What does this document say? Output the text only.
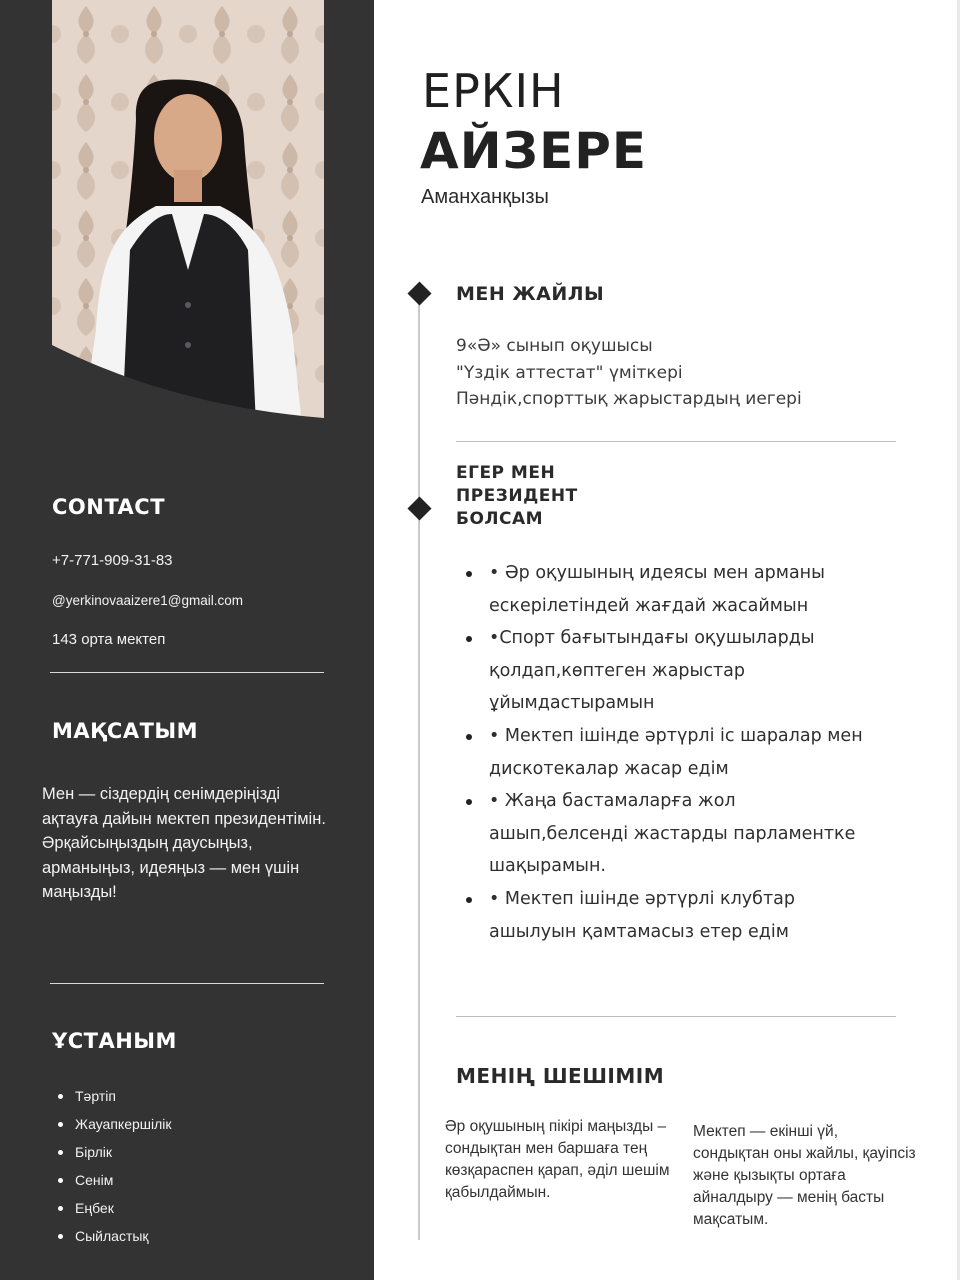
CONTACT
+7-771-909-31-83
@yerkinovaaizere1@gmail.com
143 орта мектеп
МАҚСАТЫМ
Мен — сіздердің сенімдеріңізді ақтауға дайын мектеп президентімін. Әрқайсыңыздың даусыңыз, арманыңыз, идеяңыз — мен үшін маңызды!
ҰСТАНЫМ
Тәртіп
Жауапкершілік
Бірлік
Сенім
Еңбек
Сыйластық
ЕРКІН
АЙЗЕРЕ
Аманханқызы
МЕН ЖАЙЛЫ
9«Ә» сынып оқушысы
"Үздік аттестат" үміткері
Пәндік,спорттық жарыстардың иегері
ЕГЕР МЕН
ПРЕЗИДЕНТ
БОЛСАМ
• Әр оқушының идеясы мен арманы ескерілетіндей жағдай жасаймын
•Спорт бағытындағы оқушыларды қолдап,көптеген жарыстар ұйымдастырамын
• Мектеп ішінде әртүрлі іс шаралар мен дискотекалар жасар едім
• Жаңа бастамаларға жол ашып,белсенді жастарды парламентке шақырамын.
• Мектеп ішінде әртүрлі клубтар ашылуын қамтамасыз етер едім
МЕНІҢ ШЕШІМІМ
Әр оқушының пікірі маңызды – сондықтан мен баршаға тең көзқараспен қарап, әділ шешім қабылдаймын.
Мектеп — екінші үй, сондықтан оны жайлы, қауіпсіз және қызықты ортаға айналдыру — менің басты мақсатым.
